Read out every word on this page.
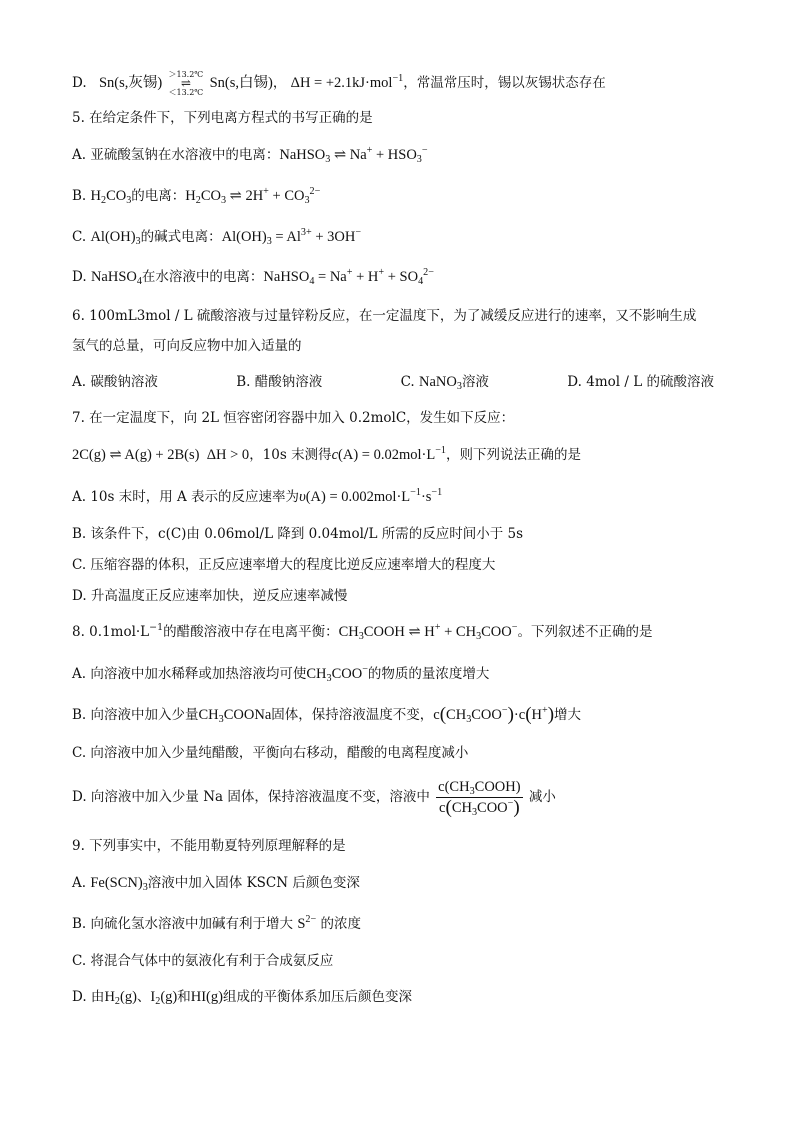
D. Sn(s,灰锡)
＞13.2℃
⇌
＜13.2℃
Sn(s,白锡)， ΔH = +2.1kJ·mol$^{-1}$，常温常压时，锡以灰锡状态存在
5. 在给定条件下，下列电离方程式的书写正确的是
A. 亚硫酸氢钠在水溶液中的电离：NaHSO$_3$ ⇌ $Na^+ + HSO_3^-$
B. $H_2CO_3$的电离：$H_2CO_3$ ⇌ $2H^+ + CO_3^{2-}$
C. $Al(OH)_3$的碱式电离：$Al(OH)_3 = Al^{3+} + 3OH^-$
D. NaHSO$_4$在水溶液中的电离：NaHSO$_4$ = $Na^+ + H^+ + SO_4^{2-}$
6. 100mL3mol / L 硫酸溶液与过量锌粉反应，在一定温度下，为了减缓反应进行的速率，又不影响生成
氢气的总量，可向反应物中加入适量的
A. 碳酸钠溶液	B. 醋酸钠溶液	C. NaNO$_3$溶液	D. 4mol / L 的硫酸溶液
7. 在一定温度下，向 2L 恒容密闭容器中加入 0.2molC，发生如下反应：
2C(g) ⇌ A(g) + 2B(s)  ΔH > 0，10s 末测得$c(A) = 0.02mol\cdot L^{-1}$，则下列说法正确的是
A. 10s 末时，用 A 表示的反应速率为$\upsilon(A) = 0.002mol\cdot L^{-1}\cdot s^{-1}$
B. 该条件下，c(C)由 0.06mol/L 降到 0.04mol/L 所需的反应时间小于 5s
C. 压缩容器的体积，正反应速率增大的程度比逆反应速率增大的程度大
D. 升高温度正反应速率加快，逆反应速率减慢
8. $0.1mol\cdot L^{-1}$的醋酸溶液中存在电离平衡：$CH_3COOH$ ⇌ $H^+ + CH_3COO^-$。下列叙述不正确的是
A. 向溶液中加水稀释或加热溶液均可使$CH_3COO^-$的物质的量浓度增大
B. 向溶液中加入少量$CH_3COONa$固体，保持溶液温度不变，$c(CH_3COO^-)\cdot c(H^+)$增大
C. 向溶液中加入少量纯醋酸，平衡向右移动，醋酸的电离程度减小
D. 向溶液中加入少量 Na 固体，保持溶液温度不变，溶液中 $\frac{c(CH_3COOH)}{c(CH_3COO^-)}$ 减小
9. 下列事实中，不能用勒夏特列原理解释的是
A. $Fe(SCN)_3$溶液中加入固体 KSCN 后颜色变深
B. 向硫化氢水溶液中加碱有利于增大 $S^{2-}$ 的浓度
C. 将混合气体中的氨液化有利于合成氨反应
D. 由$H_2(g)$、$I_2(g)$和HI(g)组成的平衡体系加压后颜色变深
